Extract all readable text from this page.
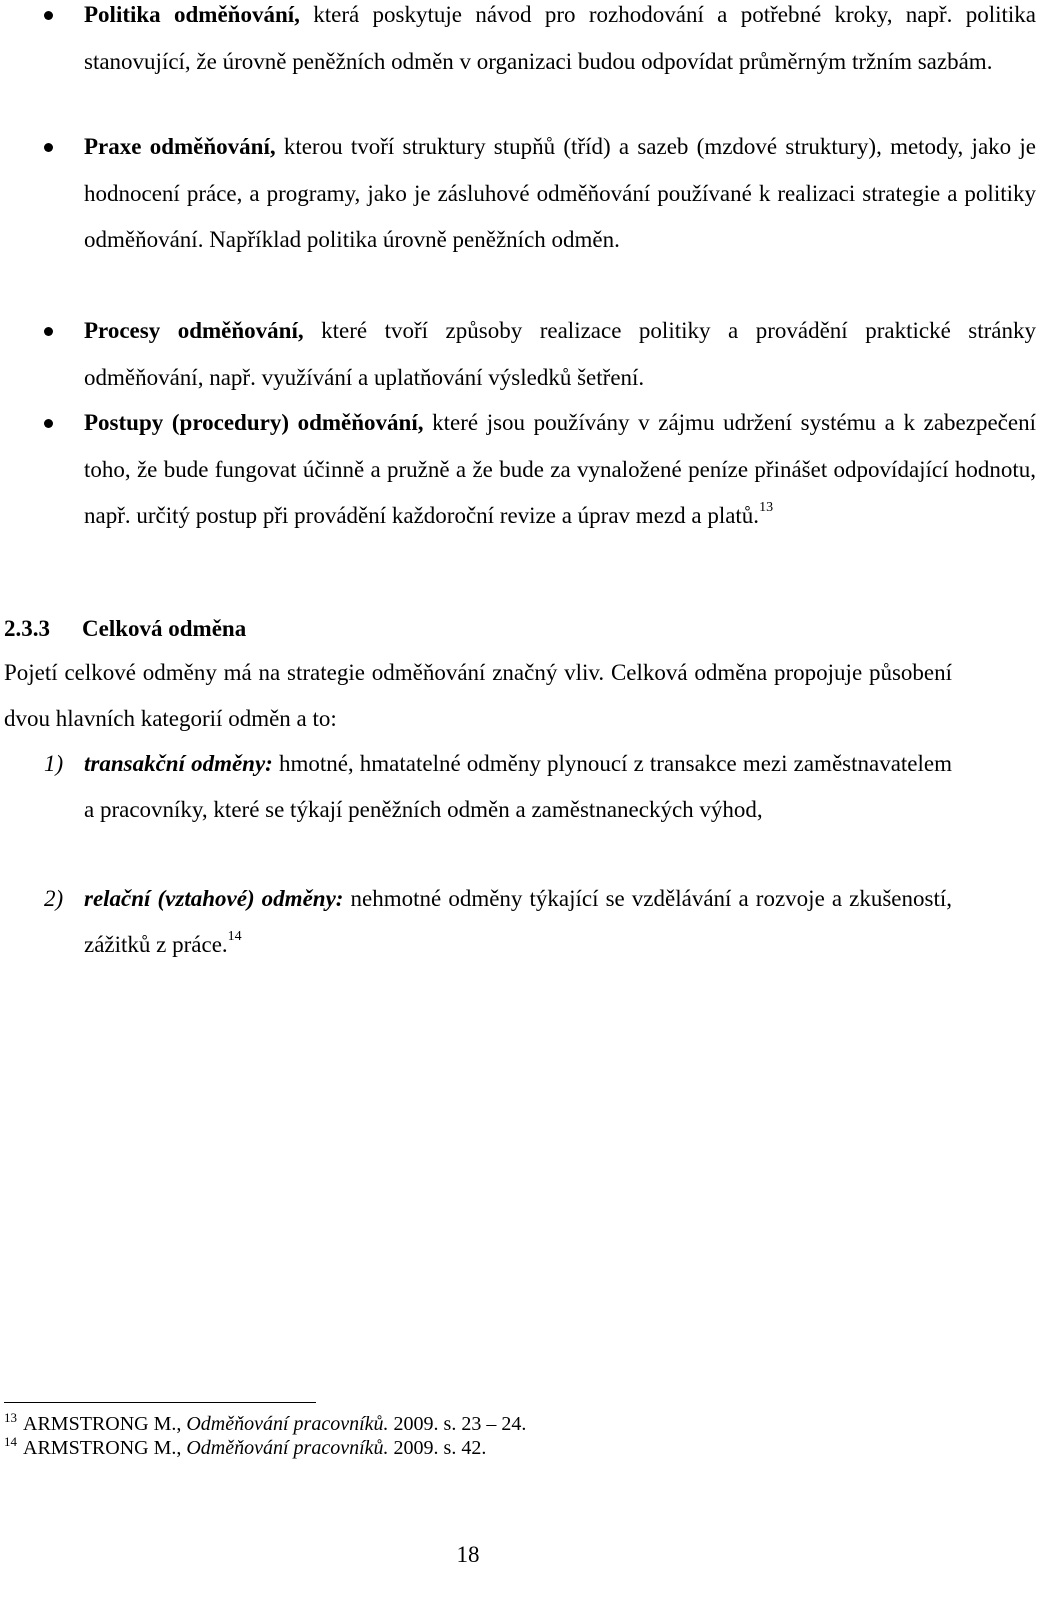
Politika odměňování, která poskytuje návod pro rozhodování a potřebné kroky, např. politika stanovující, že úrovně peněžních odměn v organizaci budou odpovídat průměrným tržním sazbám.
Praxe odměňování, kterou tvoří struktury stupňů (tříd) a sazeb (mzdové struktury), metody, jako je hodnocení práce, a programy, jako je zásluhové odměňování používané k realizaci strategie a politiky odměňování. Například politika úrovně peněžních odměn.
Procesy odměňování, které tvoří způsoby realizace politiky a provádění praktické stránky odměňování, např. využívání a uplatňování výsledků šetření.
Postupy (procedury) odměňování, které jsou používány v zájmu udržení systému a k zabezpečení toho, že bude fungovat účinně a pružně a že bude za vynaložené peníze přinášet odpovídající hodnotu, např. určitý postup při provádění každoroční revize a úprav mezd a platů.$^{13}$
2.3.3 Celková odměna

Pojetí celkové odměny má na strategie odměňování značný vliv. Celková odměna propojuje působení dvou hlavních kategorií odměn a to:

1) transakční odměny: hmotné, hmatatelné odměny plynoucí z transakce mezi zaměstnavatelem a pracovníky, které se týkají peněžních odměn a zaměstnaneckých výhod,
2) relační (vztahové) odměny: nehmotné odměny týkající se vzdělávání a rozvoje a zkušeností, zážitků z práce.$^{14}$
$^{13}$ ARMSTRONG M., Odměňování pracovníků. 2009. s. 23 – 24.
$^{14}$ ARMSTRONG M., Odměňování pracovníků. 2009. s. 42.
18
